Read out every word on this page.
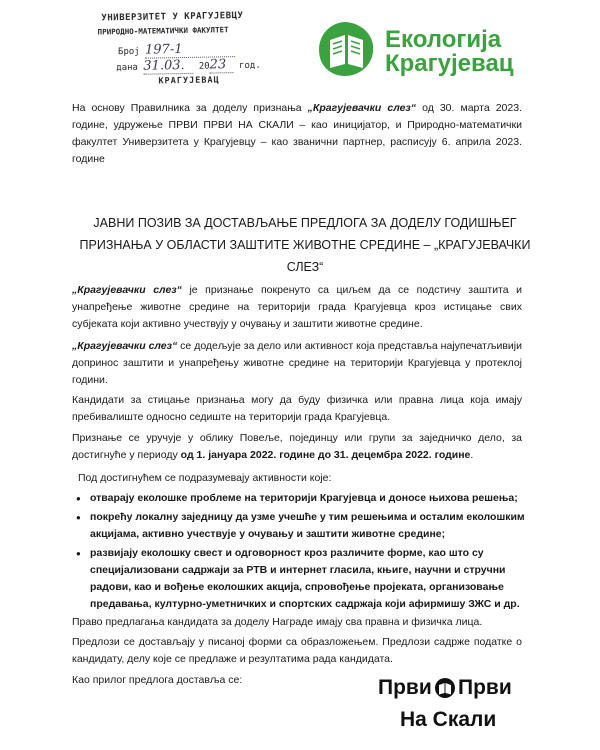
УНИВЕРЗИТЕТ У КРАГУЈЕВЦУ
ПРИРОДНО-МАТЕМАТИЧКИ ФАКУЛТЕТ
Број 197-1
дана 31.03. 2023 год.
КРАГУЈЕВАЦ
Екологија
Крагујевац
На основу Правилника за доделу признања „Крагујевачки слез“ од 30. марта 2023. године, удружење ПРВИ ПРВИ НА СКАЛИ – као иницијатор, и Природно-математички факултет Универзитета у Крагујевцу – као званични партнер, расписују 6. априла 2023. године
ЈАВНИ ПОЗИВ ЗА ДОСТАВЉАЊЕ ПРЕДЛОГА ЗА ДОДЕЛУ ГОДИШЊЕГ
ПРИЗНАЊА У ОБЛАСТИ ЗАШТИТЕ ЖИВОТНЕ СРЕДИНЕ – „КРАГУЈЕВАЧКИ СЛЕЗ“
„Крагујевачки слез“ је признање покренуто са циљем да се подстичу заштита и унапређење животне средине на територији града Крагујевца кроз истицање свих субјеката који активно учествују у очувању и заштити животне средине.
„Крагујевачки слез“ се додељује за дело или активност која представља најупечатљивији допринос заштити и унапређењу животне средине на територији Крагујевца у протеклој години.
Кандидати за стицање признања могу да буду физичка или правна лица која имају пребивалиште односно седиште на територији града Крагујевца.
Признање се уручује у облику Повеље, појединцу или групи за заједничко дело, за достигнуће у периоду од 1. јануара 2022. године до 31. децембра 2022. године.
Под достигнућем се подразумевају активности које:
● отварају еколошке проблеме на територији Крагујевца и доносе њихова решења;
● покрећу локалну заједницу да узме учешће у тим решењима и осталим еколошким акцијама, активно учествује у очувању и заштити животне средине;
● развијају еколошку свест и одговорност кроз различите форме, као што су специјализовани садржаји за РТВ и интернет гласила, књиге, научни и стручни радови, као и вођење еколошких акција, спровођење пројеката, организовање предавања, културно-уметничких и спортских садржаја који афирмишу ЗЖС и др.
Право предлагања кандидата за доделу Награде имају сва правна и физичка лица.
Предлози се достављају у писаној форми са образложењем. Предлози садрже податке о кандидату, делу које се предлаже и резултатима рада кандидата.
Као прилог предлога доставља се:	Први Први
На Скали
